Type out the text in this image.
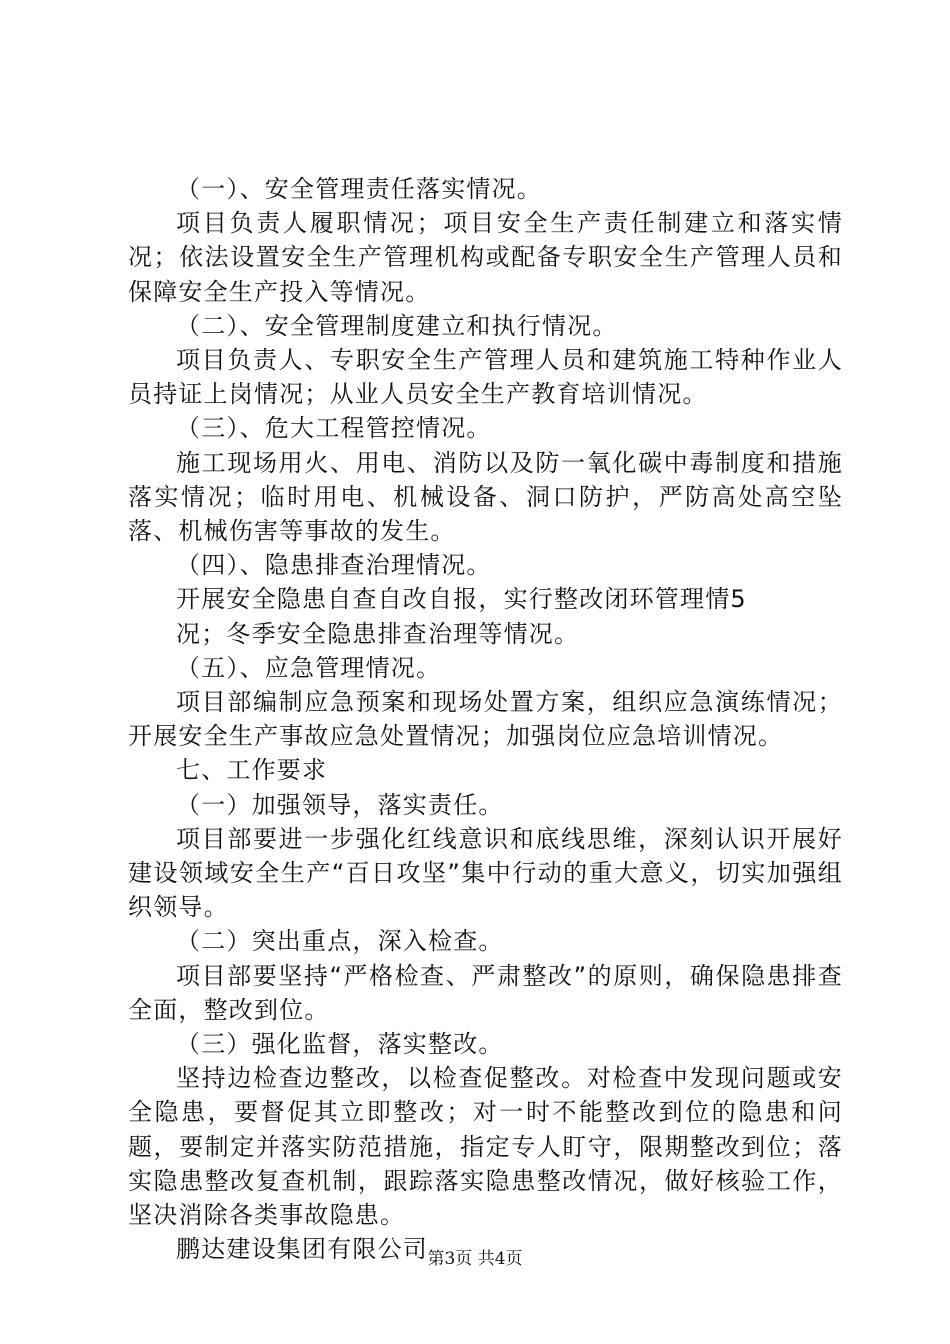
（一）、安全管理责任落实情况。

项目负责人履职情况；项目安全生产责任制建立和落实情况；依法设置安全生产管理机构或配备专职安全生产管理人员和保障安全生产投入等情况。

（二）、安全管理制度建立和执行情况。

项目负责人、专职安全生产管理人员和建筑施工特种作业人员持证上岗情况；从业人员安全生产教育培训情况。

（三）、危大工程管控情况。

施工现场用火、用电、消防以及防一氧化碳中毒制度和措施落实情况；临时用电、机械设备、洞口防护，严防高处高空坠落、机械伤害等事故的发生。

（四）、隐患排查治理情况。

开展安全隐患自查自改自报，实行整改闭环管理情5

况；冬季安全隐患排查治理等情况。

（五）、应急管理情况。

项目部编制应急预案和现场处置方案，组织应急演练情况；开展安全生产事故应急处置情况；加强岗位应急培训情况。

七、工作要求

（一）加强领导，落实责任。

项目部要进一步强化红线意识和底线思维，深刻认识开展好建设领域安全生产“百日攻坚”集中行动的重大意义，切实加强组织领导。

（二）突出重点，深入检查。

项目部要坚持“严格检查、严肃整改”的原则，确保隐患排查全面，整改到位。

（三）强化监督，落实整改。

坚持边检查边整改，以检查促整改。对检查中发现问题或安全隐患，要督促其立即整改；对一时不能整改到位的隐患和问题，要制定并落实防范措施，指定专人盯守，限期整改到位；落实隐患整改复查机制，跟踪落实隐患整改情况，做好核验工作，坚决消除各类事故隐患。

鹏达建设集团有限公司 第3页 共4页
